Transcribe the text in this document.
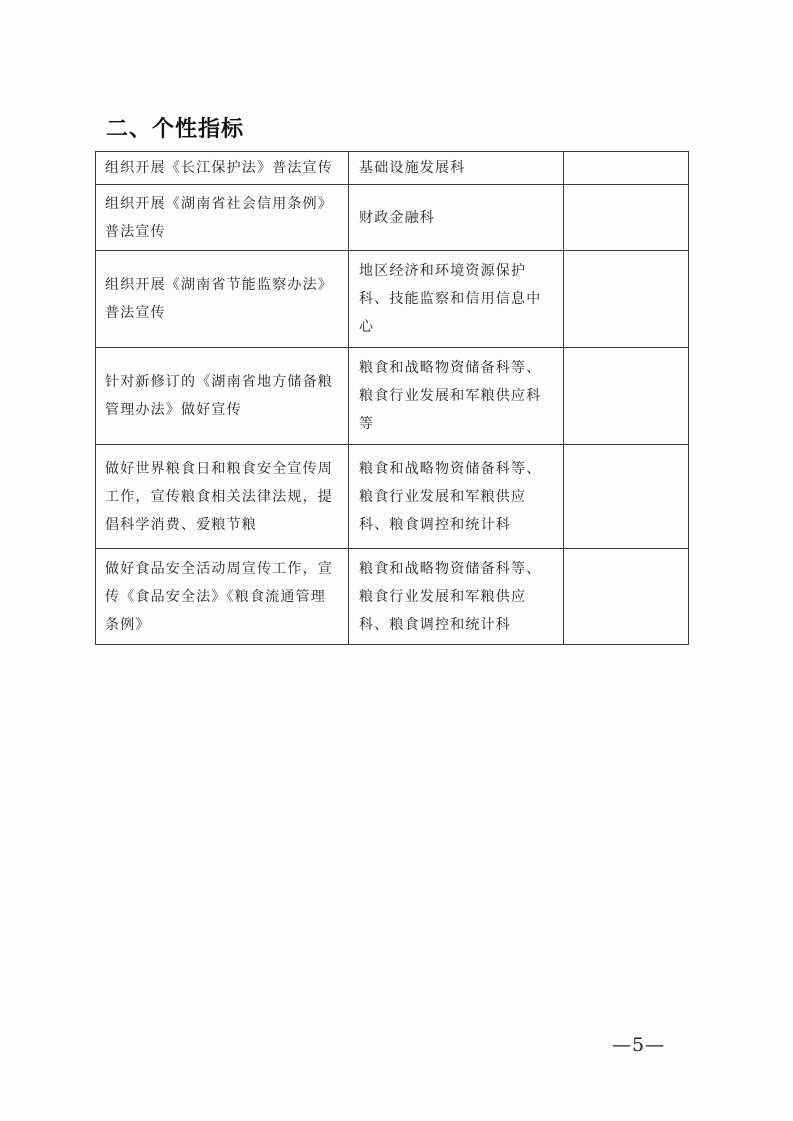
二、个性指标
组织开展《长江保护法》普法宣传	基础设施发展科	
组织开展《湖南省社会信用条例》普法宣传	财政金融科	
组织开展《湖南省节能监察办法》普法宣传	地区经济和环境资源保护科、技能监察和信用信息中心	
针对新修订的《湖南省地方储备粮管理办法》做好宣传	粮食和战略物资储备科等、粮食行业发展和军粮供应科等	
做好世界粮食日和粮食安全宣传周工作，宣传粮食相关法律法规，提倡科学消费、爱粮节粮	粮食和战略物资储备科等、粮食行业发展和军粮供应科、粮食调控和统计科	
做好食品安全活动周宣传工作，宣传《食品安全法》《粮食流通管理条例》	粮食和战略物资储备科等、粮食行业发展和军粮供应科、粮食调控和统计科	
—5—
